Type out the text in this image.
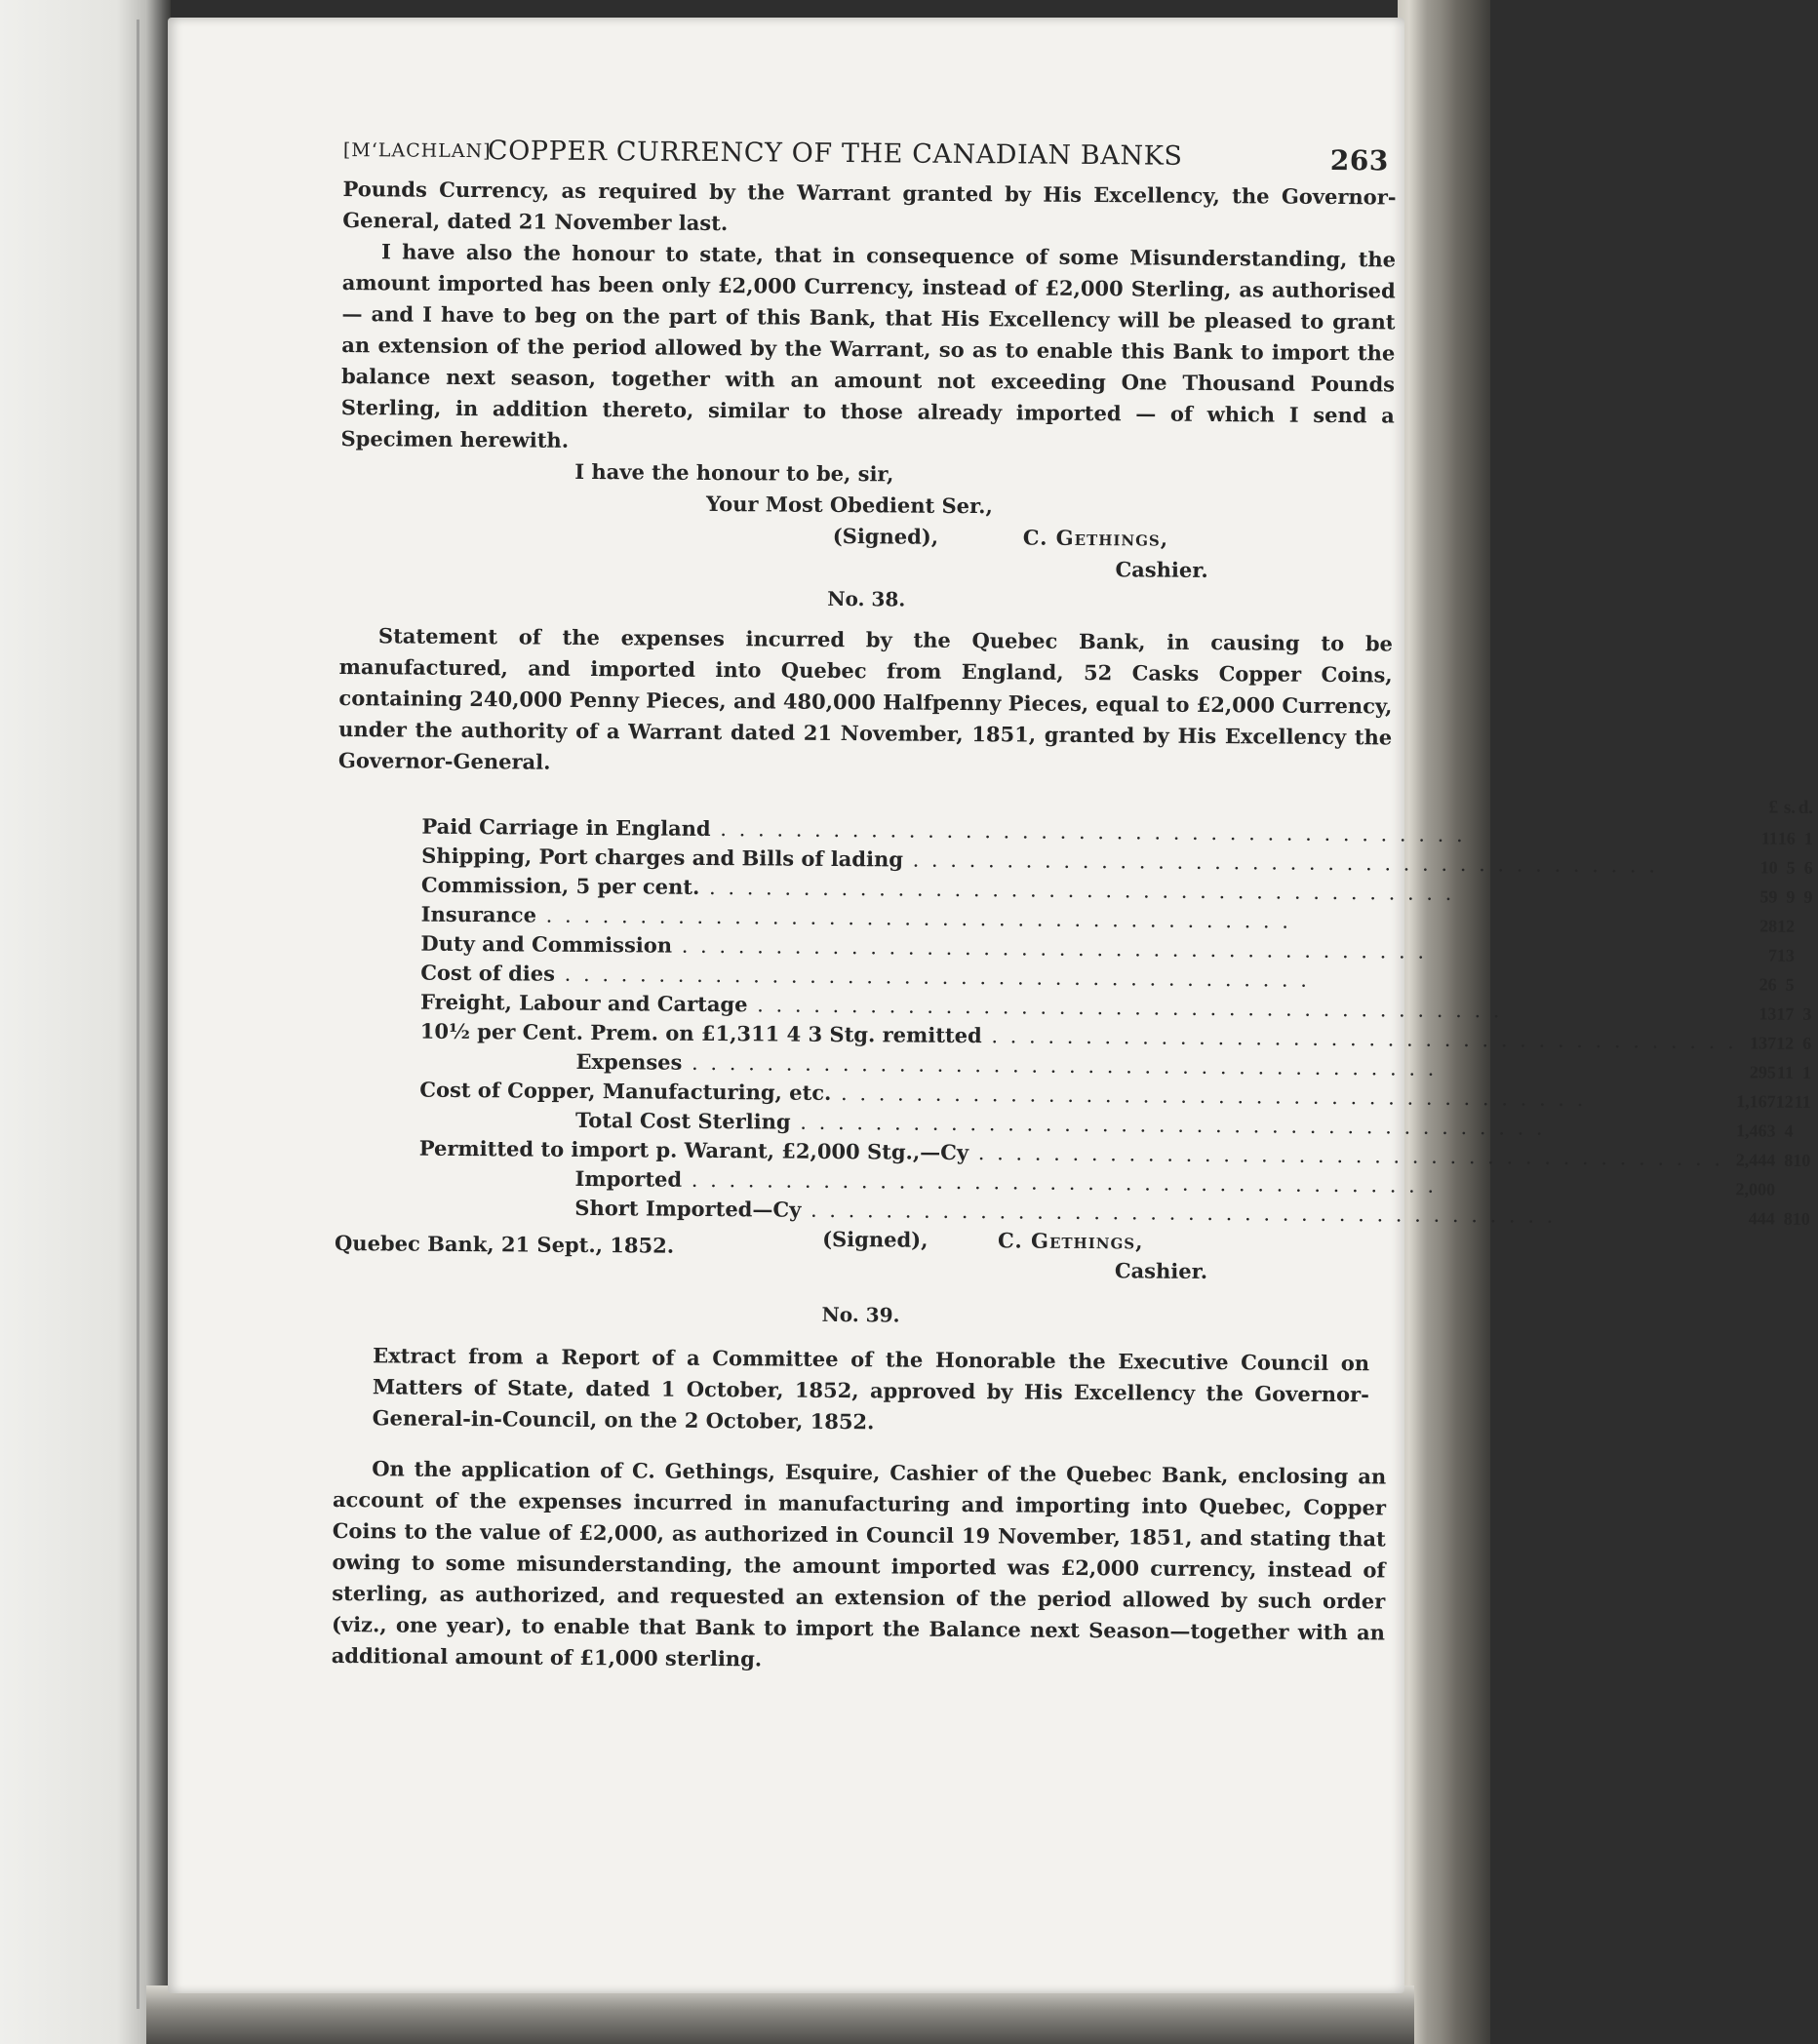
[M‘LACHLAN]
COPPER CURRENCY OF THE CANADIAN BANKS	263

Pounds Currency, as required by the Warrant granted by His Excellency, the Governor-General, dated 21 November last.

I have also the honour to state, that in consequence of some Misunderstanding, the amount imported has been only £2,000 Currency, instead of £2,000 Sterling, as authorised — and I have to beg on the part of this Bank, that His Excellency will be pleased to grant an extension of the period allowed by the Warrant, so as to enable this Bank to import the balance next season, together with an amount not exceeding One Thousand Pounds Sterling, in addition thereto, similar to those already imported — of which I send a Specimen herewith.

I have the honour to be, sir,
Your Most Obedient Ser.,
(Signed),	C. Gethings,
Cashier.
No. 38.

Statement of the expenses incurred by the Quebec Bank, in causing to be manufactured, and imported into Quebec from England, 52 Casks Copper Coins, containing 240,000 Penny Pieces, and 480,000 Halfpenny Pieces, equal to £2,000 Currency, under the authority of a Warrant dated 21 November, 1851, granted by His Excellency the Governor-General.

	£	s.	d.
Paid Carriage in England . . . . . . . . . . . . . . . . . . . . . . . . . . . . . . . . . . . . . . . .	11	16	1
Shipping, Port charges and Bills of lading . . . . . . . . . . . . . . . . . . . . . . . . . . . . . . . . . . . . . . . .	10	5	6
Commission, 5 per cent. . . . . . . . . . . . . . . . . . . . . . . . . . . . . . . . . . . . . . . . .	59	9	9
Insurance . . . . . . . . . . . . . . . . . . . . . . . . . . . . . . . . . . . . . . . .	28	12	
Duty and Commission . . . . . . . . . . . . . . . . . . . . . . . . . . . . . . . . . . . . . . . .	7	13	
Cost of dies . . . . . . . . . . . . . . . . . . . . . . . . . . . . . . . . . . . . . . . .	26	5	
Freight, Labour and Cartage . . . . . . . . . . . . . . . . . . . . . . . . . . . . . . . . . . . . . . . .	13	17	3
10½ per Cent. Prem. on £1,311 4 3 Stg. remitted . . . . . . . . . . . . . . . . . . . . . . . . . . . . . . . . . . . . . . . .	137	12	6
Expenses . . . . . . . . . . . . . . . . . . . . . . . . . . . . . . . . . . . . . . . .	295	11	1
Cost of Copper, Manufacturing, etc. . . . . . . . . . . . . . . . . . . . . . . . . . . . . . . . . . . . . . . . .	1,167	12	11
Total Cost Sterling . . . . . . . . . . . . . . . . . . . . . . . . . . . . . . . . . . . . . . . .	1,463	4	
Permitted to import p. Warant, £2,000 Stg.,—Cy . . . . . . . . . . . . . . . . . . . . . . . . . . . . . . . . . . . . . . . .	2,444	8	10
Imported . . . . . . . . . . . . . . . . . . . . . . . . . . . . . . . . . . . . . . . .	2,000		
Short Imported—Cy . . . . . . . . . . . . . . . . . . . . . . . . . . . . . . . . . . . . . . . .	444	8	10
Quebec Bank, 21 Sept., 1852.	(Signed),	C. Gethings,
Cashier.
No. 39.
Extract from a Report of a Committee of the Honorable the Executive Council on Matters of State, dated 1 October, 1852, approved by His Excellency the Governor-General-in-Council, on the 2 October, 1852.

On the application of C. Gethings, Esquire, Cashier of the Quebec Bank, enclosing an account of the expenses incurred in manufacturing and importing into Quebec, Copper Coins to the value of £2,000, as authorized in Council 19 November, 1851, and stating that owing to some misunderstanding, the amount imported was £2,000 currency, instead of sterling, as authorized, and requested an extension of the period allowed by such order (viz., one year), to enable that Bank to import the Balance next Season—together with an additional amount of £1,000 sterling.
